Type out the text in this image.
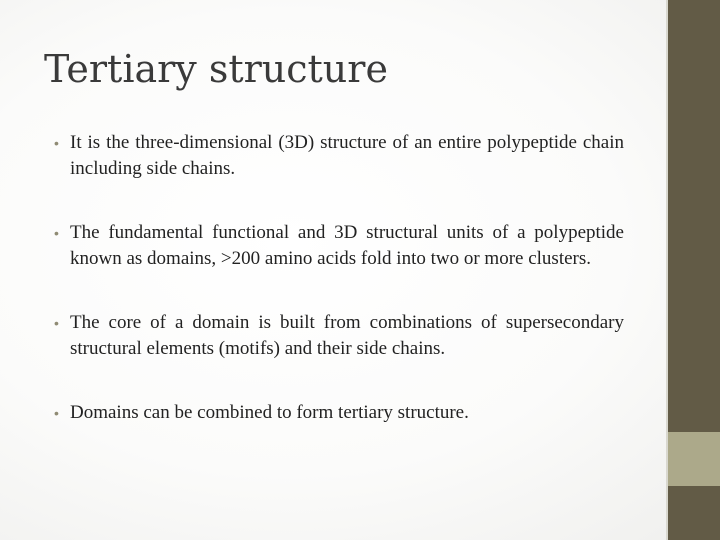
Tertiary structure
• It is the three-dimensional (3D) structure of an entire polypeptide chain including side chains.
• The fundamental functional and 3D structural units of a polypeptide known as domains, >200 amino acids fold into two or more clusters.
• The core of a domain is built from combinations of supersecondary structural elements (motifs) and their side chains.
• Domains can be combined to form tertiary structure.
